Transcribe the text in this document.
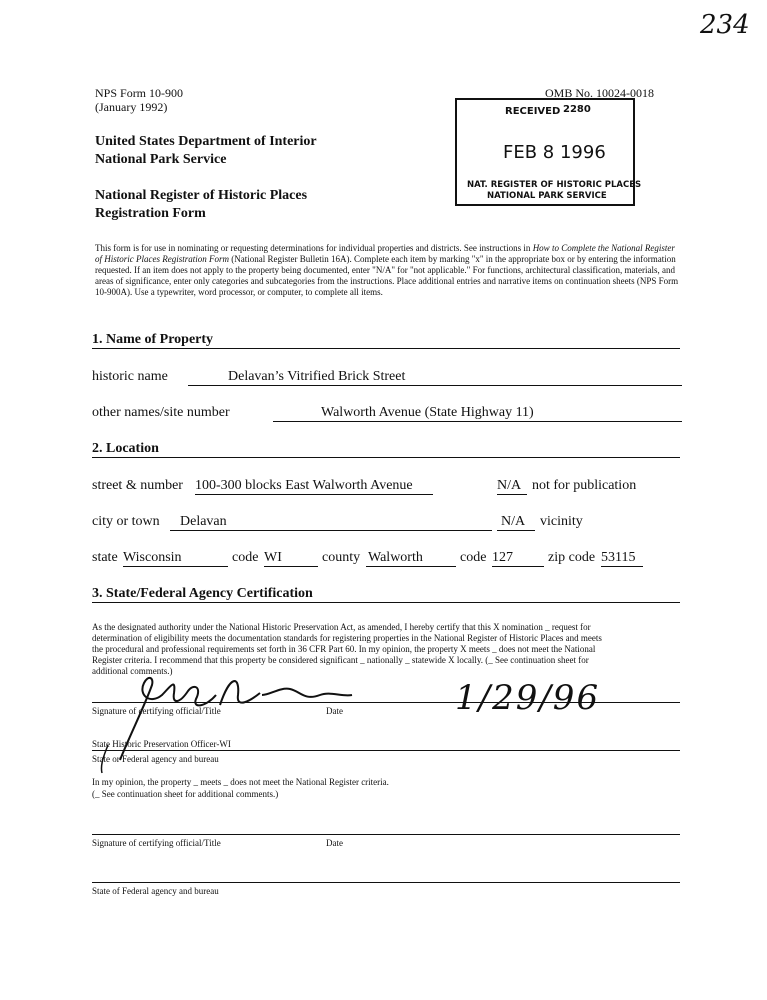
234
NPS Form 10-900
(January 1992)
OMB No. 10024-0018
United States Department of Interior
National Park Service
National Register of Historic Places
Registration Form
RECEIVED 2280
FEB 8 1996
NAT. REGISTER OF HISTORIC PLACES
NATIONAL PARK SERVICE
This form is for use in nominating or requesting determinations for individual properties and districts. See instructions in How to Complete the National Register of Historic Places Registration Form (National Register Bulletin 16A). Complete each item by marking "x" in the appropriate box or by entering the information requested. If an item does not apply to the property being documented, enter "N/A" for "not applicable." For functions, architectural classification, materials, and areas of significance, enter only categories and subcategories from the instructions. Place additional entries and narrative items on continuation sheets (NPS Form 10-900A). Use a typewriter, word processor, or computer, to complete all items.
1. Name of Property
historic name	Delavan’s Vitrified Brick Street
other names/site number	Walworth Avenue (State Highway 11)
2. Location
street & number 100-300 blocks East Walworth Avenue	N/A not for publication
city or town	Delavan	N/A	vicinity
state Wisconsin	code WI	county Walworth	code 127	zip code 53115
3. State/Federal Agency Certification
As the designated authority under the National Historic Preservation Act, as amended, I hereby certify that this X nomination _ request for
determination of eligibility meets the documentation standards for registering properties in the National Register of Historic Places and meets
the procedural and professional requirements set forth in 36 CFR Part 60. In my opinion, the property X meets _ does not meet the National
Register criteria. I recommend that this property be considered significant _ nationally _ statewide X locally. (_ See continuation sheet for
additional comments.)
1/29/96
Signature of certifying official/Title	Date
State Historic Preservation Officer-WI
State or Federal agency and bureau
In my opinion, the property _ meets _ does not meet the National Register criteria.
(_ See continuation sheet for additional comments.)
Signature of certifying official/Title	Date
State of Federal agency and bureau
